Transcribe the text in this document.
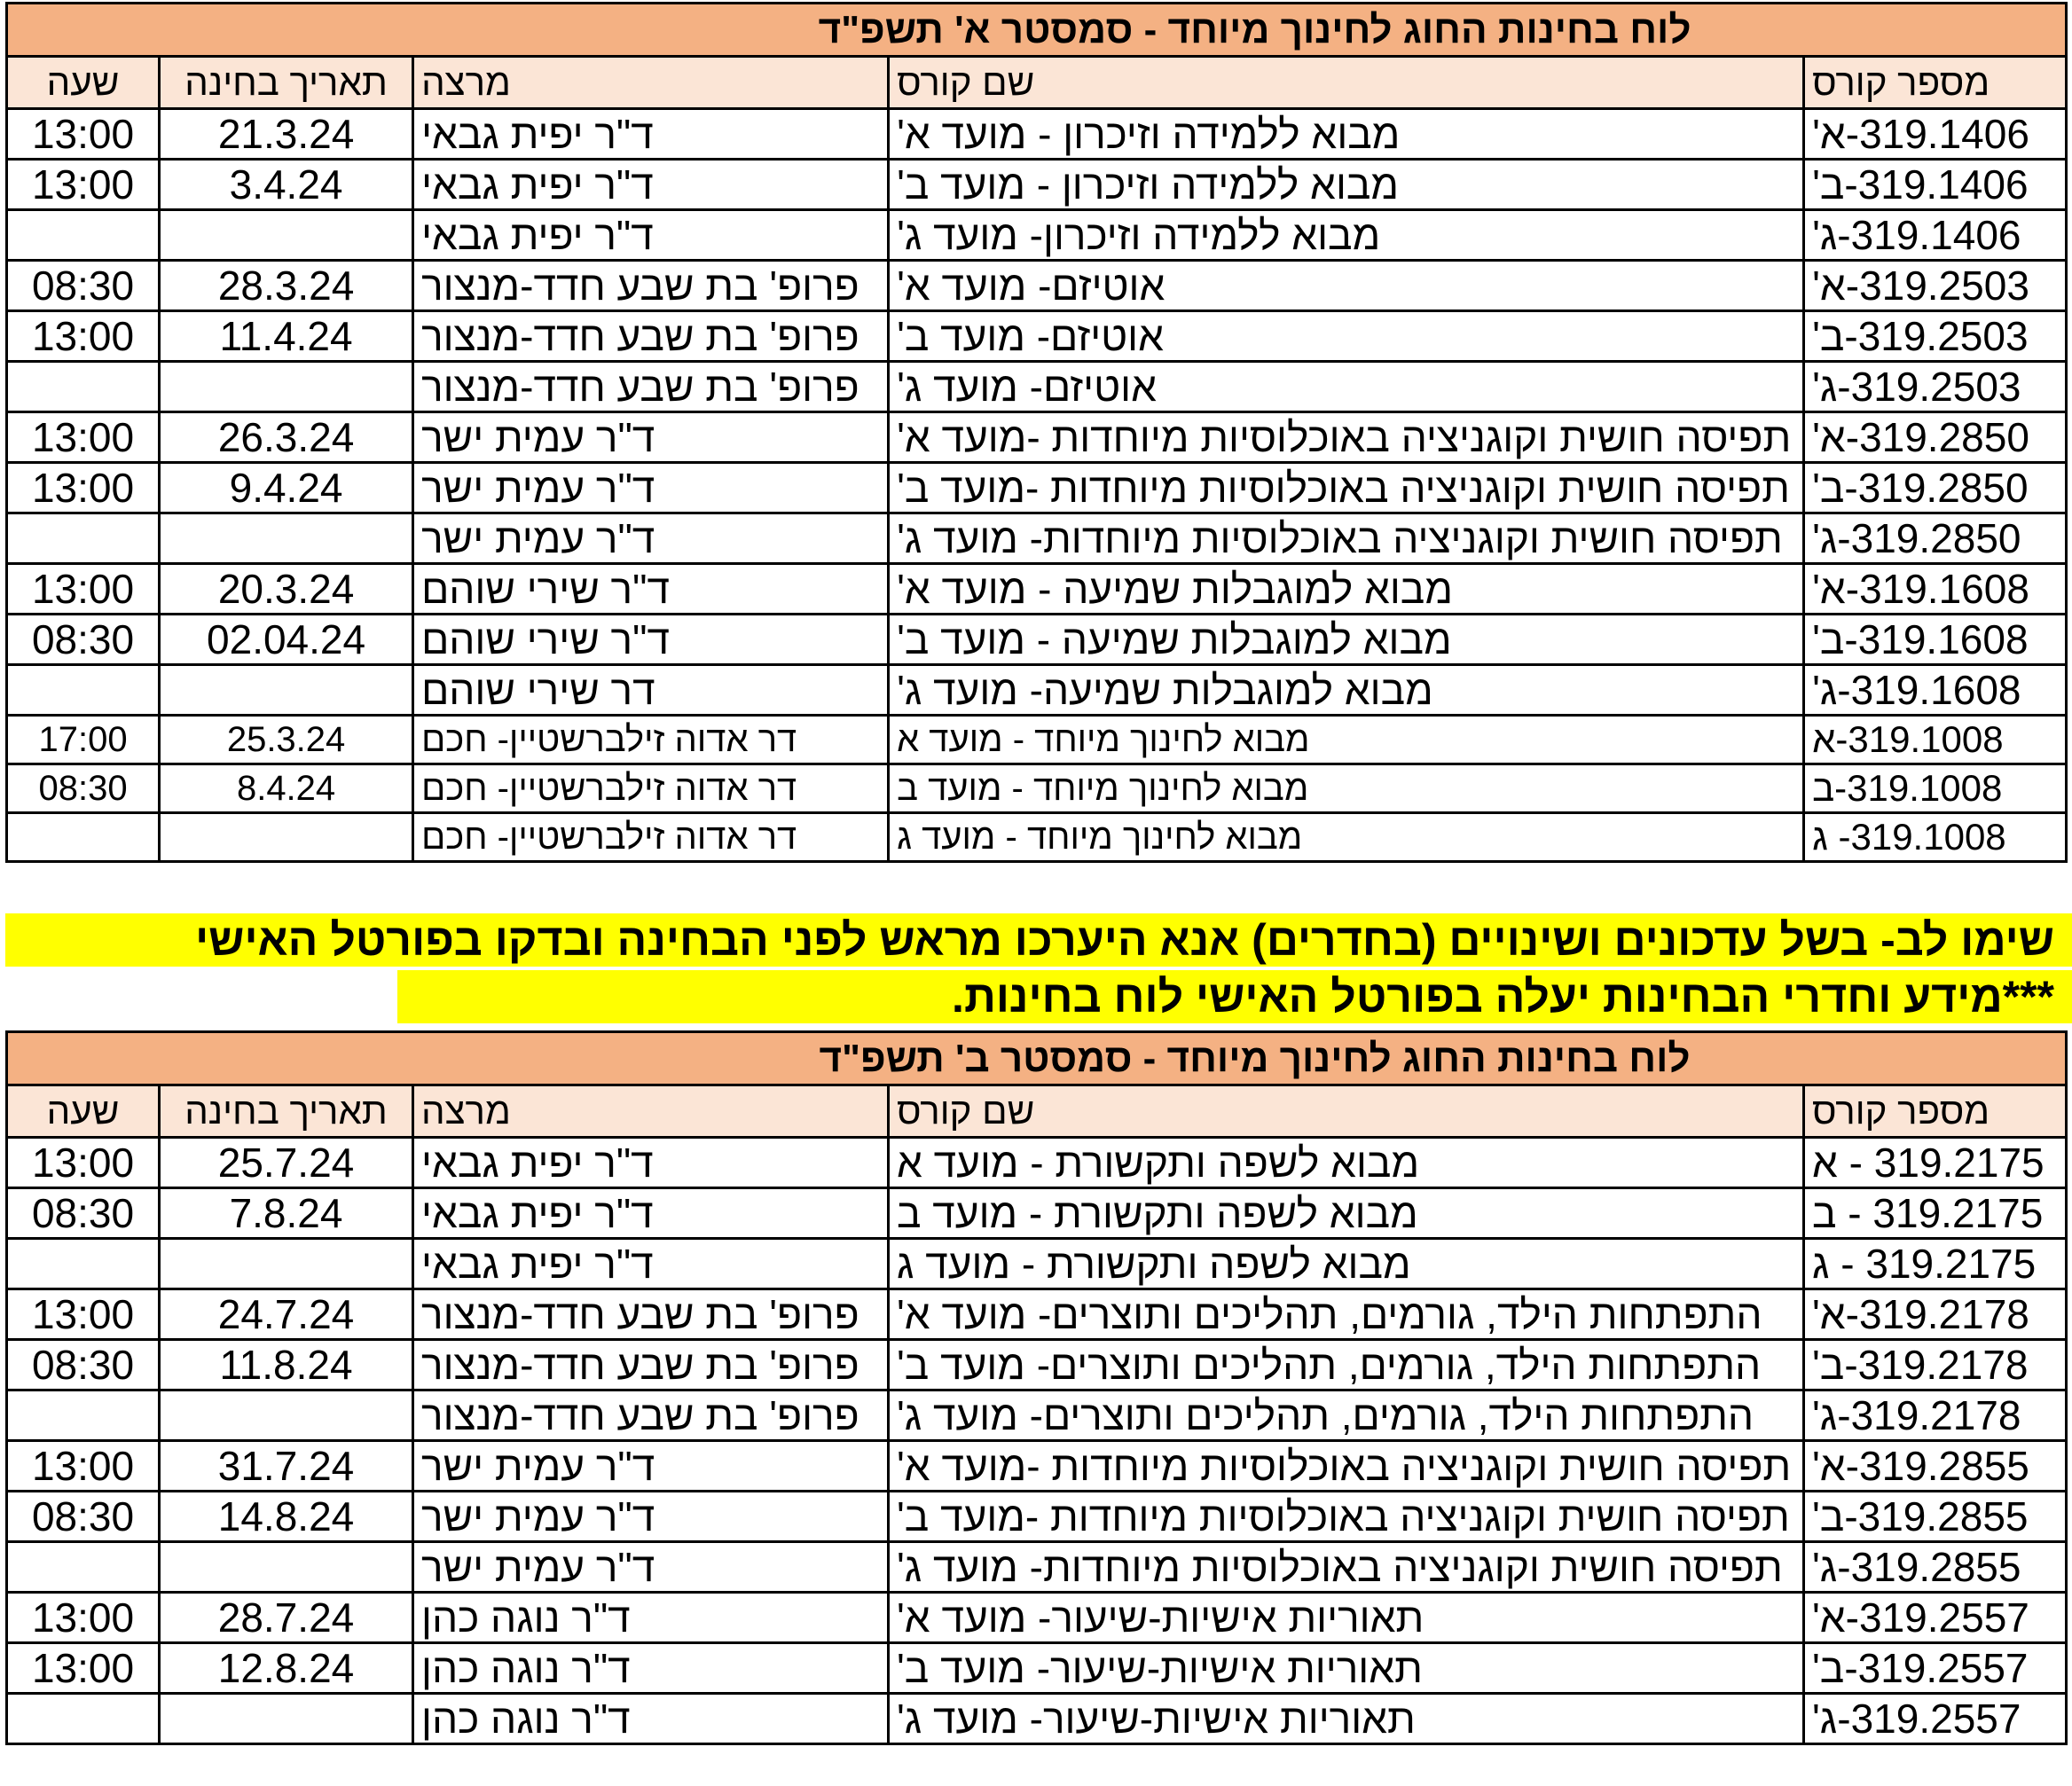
לוח בחינות החוג לחינוך מיוחד - סמסטר א' תשפ"ד				
מספר קורס	שם קורס	מרצה	תאריך בחינה	שעה
319.1406-א'	מבוא ללמידה וזיכרון - מועד א'	ד"ר יפית גבאי	21.3.24	13:00
319.1406-ב'	מבוא ללמידה וזיכרון - מועד ב'	ד"ר יפית גבאי	3.4.24	13:00
319.1406-ג'	מבוא ללמידה וזיכרון- מועד ג'	ד"ר יפית גבאי		
319.2503-א'	אוטיזם- מועד א'	פרופ' בת שבע חדד-מנצור	28.3.24	08:30
319.2503-ב'	אוטיזם- מועד ב'	פרופ' בת שבע חדד-מנצור	11.4.24	13:00
319.2503-ג'	אוטיזם- מועד ג'	פרופ' בת שבע חדד-מנצור		
319.2850-א'	תפיסה חושית וקוגניציה באוכלוסיות מיוחדות -מועד א'	ד"ר עמית ישר	26.3.24	13:00
319.2850-ב'	תפיסה חושית וקוגניציה באוכלוסיות מיוחדות -מועד ב'	ד"ר עמית ישר	9.4.24	13:00
319.2850-ג'	תפיסה חושית וקוגניציה באוכלוסיות מיוחדות- מועד ג'	ד"ר עמית ישר		
319.1608-א'	מבוא למוגבלות שמיעה - מועד א'	ד"ר שירי שוהם	20.3.24	13:00
319.1608-ב'	מבוא למוגבלות שמיעה - מועד ב'	ד"ר שירי שוהם	02.04.24	08:30
319.1608-ג'	מבוא למוגבלות שמיעה- מועד ג'	דר שירי שוהם		
319.1008-א	מבוא לחינוך מיוחד - מועד א	דר אדוה זילברשטיין- חכם	25.3.24	17:00
319.1008-ב	מבוא לחינוך מיוחד - מועד ב	דר אדוה זילברשטיין- חכם	8.4.24	08:30
319.1008- ג	מבוא לחינוך מיוחד - מועד ג	דר אדוה זילברשטיין- חכם		
שימו לב- בשל עדכונים ושינויים (בחדרים) אנא היערכו מראש לפני הבחינה ובדקו בפורטל האישי
***מידע וחדרי הבחינות יעלה בפורטל האישי לוח בחינות.
לוח בחינות החוג לחינוך מיוחד - סמסטר ב' תשפ"ד				
מספר קורס	שם קורס	מרצה	תאריך בחינה	שעה
319.2175 - א	מבוא לשפה ותקשורת - מועד א	ד"ר יפית גבאי	25.7.24	13:00
319.2175 - ב	מבוא לשפה ותקשורת - מועד ב	ד"ר יפית גבאי	7.8.24	08:30
319.2175 - ג	מבוא לשפה ותקשורת - מועד ג	ד"ר יפית גבאי		
319.2178-א'	התפתחות הילד, גורמים, תהליכים ותוצרים- מועד א'	פרופ' בת שבע חדד-מנצור	24.7.24	13:00
319.2178-ב'	התפתחות הילד, גורמים, תהליכים ותוצרים- מועד ב'	פרופ' בת שבע חדד-מנצור	11.8.24	08:30
319.2178-ג'	התפתחות הילד, גורמים, תהליכים ותוצרים- מועד ג'	פרופ' בת שבע חדד-מנצור		
319.2855-א'	תפיסה חושית וקוגניציה באוכלוסיות מיוחדות -מועד א'	ד"ר עמית ישר	31.7.24	13:00
319.2855-ב'	תפיסה חושית וקוגניציה באוכלוסיות מיוחדות -מועד ב'	ד"ר עמית ישר	14.8.24	08:30
319.2855-ג'	תפיסה חושית וקוגניציה באוכלוסיות מיוחדות- מועד ג'	ד"ר עמית ישר		
319.2557-א'	תאוריות אישיות-שיעור- מועד א'	ד"ר נוגה כהן	28.7.24	13:00
319.2557-ב'	תאוריות אישיות-שיעור- מועד ב'	ד"ר נוגה כהן	12.8.24	13:00
319.2557-ג'	תאוריות אישיות-שיעור- מועד ג'	ד"ר נוגה כהן		
